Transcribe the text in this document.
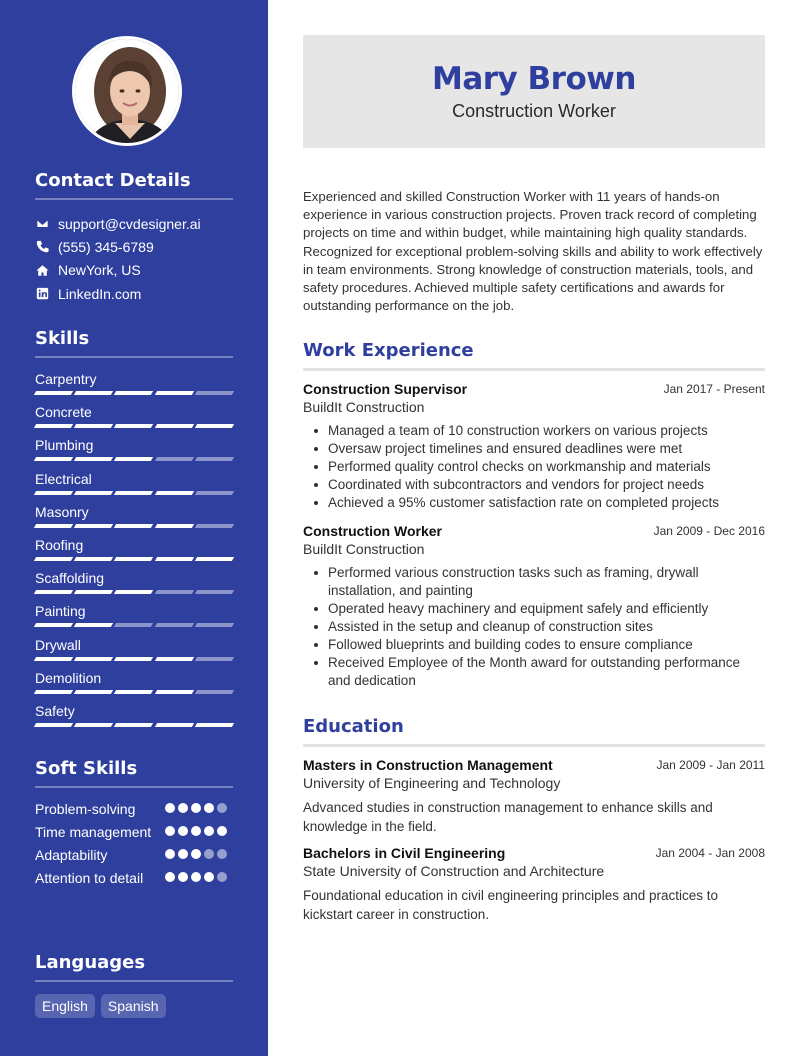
Contact Details
support@cvdesigner.ai
(555) 345-6789
NewYork, US
LinkedIn.com
Skills
Carpentry
Concrete
Plumbing
Electrical
Masonry
Roofing
Scaffolding
Painting
Drywall
Demolition
Safety
Soft Skills
Problem-solving
Time management
Adaptability
Attention to detail
Languages
English	Spanish
Mary Brown
Construction Worker
Experienced and skilled Construction Worker with 11 years of hands-on experience in various construction projects. Proven track record of completing projects on time and within budget, while maintaining high quality standards. Recognized for exceptional problem-solving skills and ability to work effectively in team environments. Strong knowledge of construction materials, tools, and safety procedures. Achieved multiple safety certifications and awards for outstanding performance on the job.
Work Experience
Construction Supervisor	Jan 2017 - Present
BuildIt Construction
Managed a team of 10 construction workers on various projects
Oversaw project timelines and ensured deadlines were met
Performed quality control checks on workmanship and materials
Coordinated with subcontractors and vendors for project needs
Achieved a 95% customer satisfaction rate on completed projects
Construction Worker	Jan 2009 - Dec 2016
BuildIt Construction
Performed various construction tasks such as framing, drywall installation, and painting
Operated heavy machinery and equipment safely and efficiently
Assisted in the setup and cleanup of construction sites
Followed blueprints and building codes to ensure compliance
Received Employee of the Month award for outstanding performance and dedication
Education
Masters in Construction Management	Jan 2009 - Jan 2011
University of Engineering and Technology
Advanced studies in construction management to enhance skills and knowledge in the field.
Bachelors in Civil Engineering	Jan 2004 - Jan 2008
State University of Construction and Architecture
Foundational education in civil engineering principles and practices to kickstart career in construction.
